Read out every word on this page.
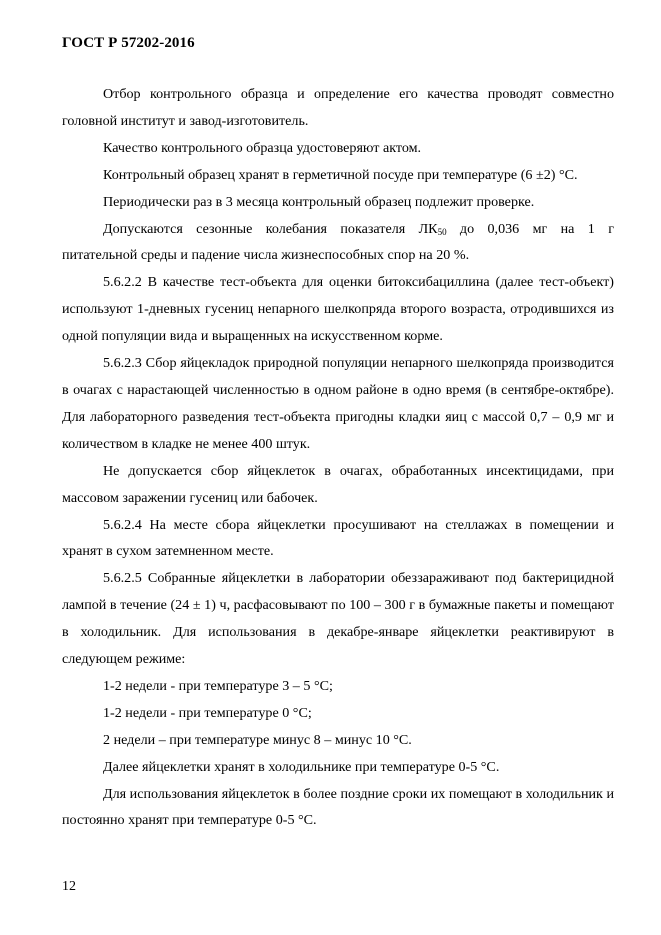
ГОСТ Р 57202-2016

Отбор контрольного образца и определение его качества проводят совместно головной институт и завод-изготовитель.

Качество контрольного образца удостоверяют актом.

Контрольный образец хранят в герметичной посуде при температуре (6 ±2) °С.

Периодически раз в 3 месяца контрольный образец подлежит проверке.

Допускаются сезонные колебания показателя $ЛК_{50}$ до 0,036 мг на 1 г

питательной среды и падение числа жизнеспособных спор на 20 %.

5.6.2.2 В качестве тест-объекта для оценки битоксибациллина (далее тест-объект) используют 1-дневных гусениц непарного шелкопряда второго возраста, отродившихся из одной популяции вида и выращенных на искусственном корме.

5.6.2.3 Сбор яйцекладок природной популяции непарного шелкопряда производится в очагах с нарастающей численностью в одном районе в одно время (в сентябре-октябре). Для лабораторного разведения тест-объекта пригодны кладки яиц с массой 0,7 – 0,9 мг и количеством в кладке не менее 400 штук.

Не допускается сбор яйцеклеток в очагах, обработанных инсектицидами, при массовом заражении гусениц или бабочек.

5.6.2.4 На месте сбора яйцеклетки просушивают на стеллажах в помещении и хранят в сухом затемненном месте.

5.6.2.5 Собранные яйцеклетки в лаборатории обеззараживают под бактерицидной лампой в течение (24 ± 1) ч, расфасовывают по 100 – 300 г в бумажные пакеты и помещают в холодильник. Для использования в декабре-январе яйцеклетки реактивируют в следующем режиме:

1-2 недели - при температуре 3 – 5 °С;

1-2 недели - при температуре 0 °С;

2 недели – при температуре минус 8 – минус 10 °С.

Далее яйцеклетки хранят в холодильнике при температуре 0-5 °С.

Для использования яйцеклеток в более поздние сроки их помещают в холодильник и постоянно хранят при температуре 0-5 °С.

12
